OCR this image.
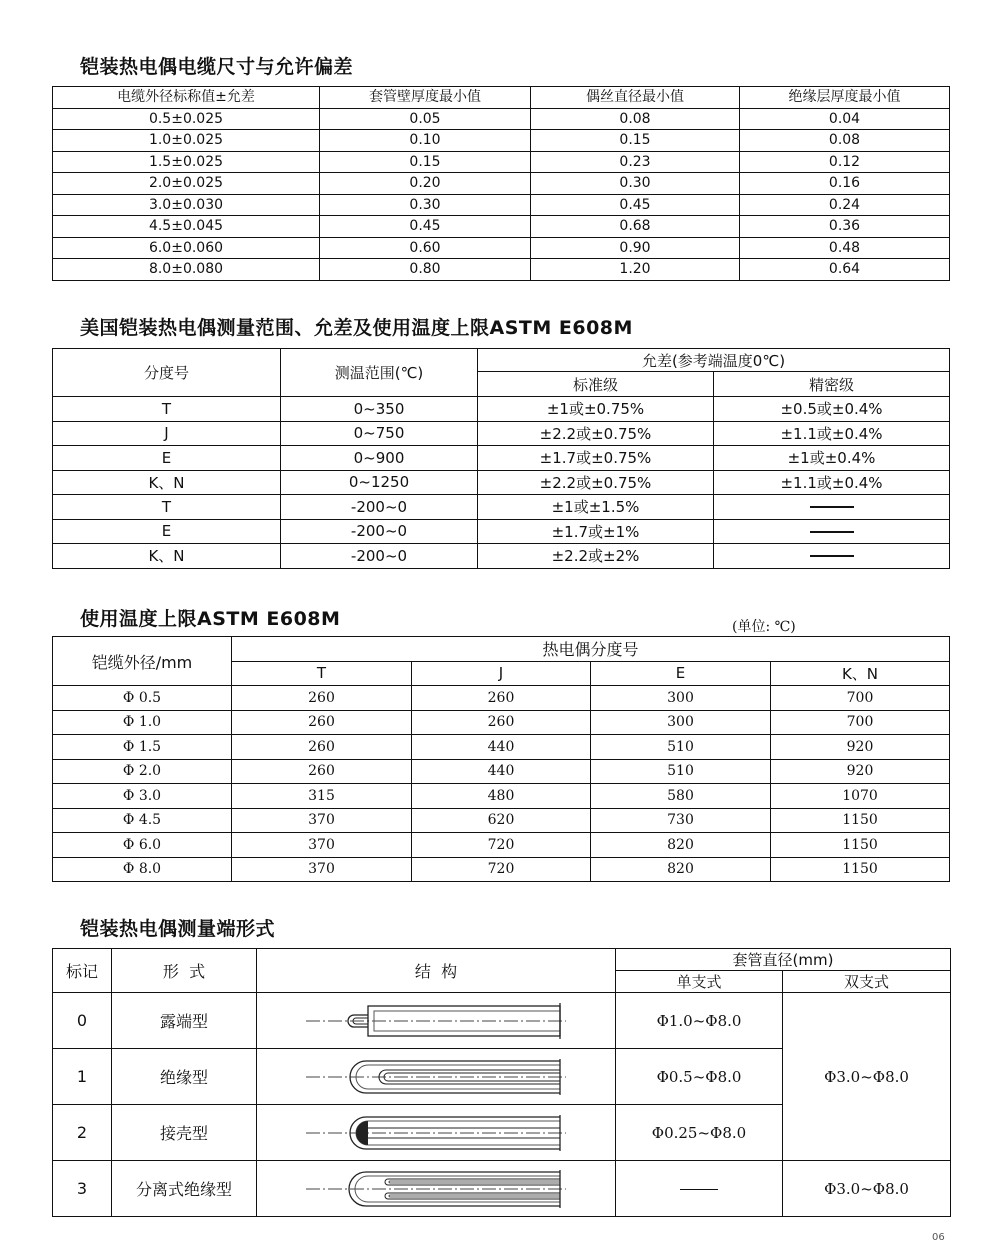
铠装热电偶电缆尺寸与允许偏差
电缆外径标称值±允差	套管壁厚度最小值	偶丝直径最小值	绝缘层厚度最小值
0.5±0.025	0.05	0.08	0.04
1.0±0.025	0.10	0.15	0.08
1.5±0.025	0.15	0.23	0.12
2.0±0.025	0.20	0.30	0.16
3.0±0.030	0.30	0.45	0.24
4.5±0.045	0.45	0.68	0.36
6.0±0.060	0.60	0.90	0.48
8.0±0.080	0.80	1.20	0.64
美国铠装热电偶测量范围、允差及使用温度上限ASTM E608M
分度号	测温范围(℃)	允差(参考端温度0℃)	
		标准级	精密级
T	0~350	±1或±0.75%	±0.5或±0.4%
J	0~750	±2.2或±0.75%	±1.1或±0.4%
E	0~900	±1.7或±0.75%	±1或±0.4%
K、N	0~1250	±2.2或±0.75%	±1.1或±0.4%
T	-200~0	±1或±1.5%	
E	-200~0	±1.7或±1%	
K、N	-200~0	±2.2或±2%	
使用温度上限ASTM E608M	(单位: ℃)
铠缆外径/mm	热电偶分度号			
	T	J	E	K、N
Φ 0.5	260	260	300	700
Φ 1.0	260	260	300	700
Φ 1.5	260	440	510	920
Φ 2.0	260	440	510	920
Φ 3.0	315	480	580	1070
Φ 4.5	370	620	730	1150
Φ 6.0	370	720	820	1150
Φ 8.0	370	720	820	1150
铠装热电偶测量端形式
标记	形  式	结  构	套管直径(mm)	
			单支式	双支式
0	露端型		Φ1.0~Φ8.0	Φ3.0~Φ8.0
1	绝缘型		Φ0.5~Φ8.0	
2	接壳型		Φ0.25~Φ8.0	
3	分离式绝缘型			Φ3.0~Φ8.0
06
